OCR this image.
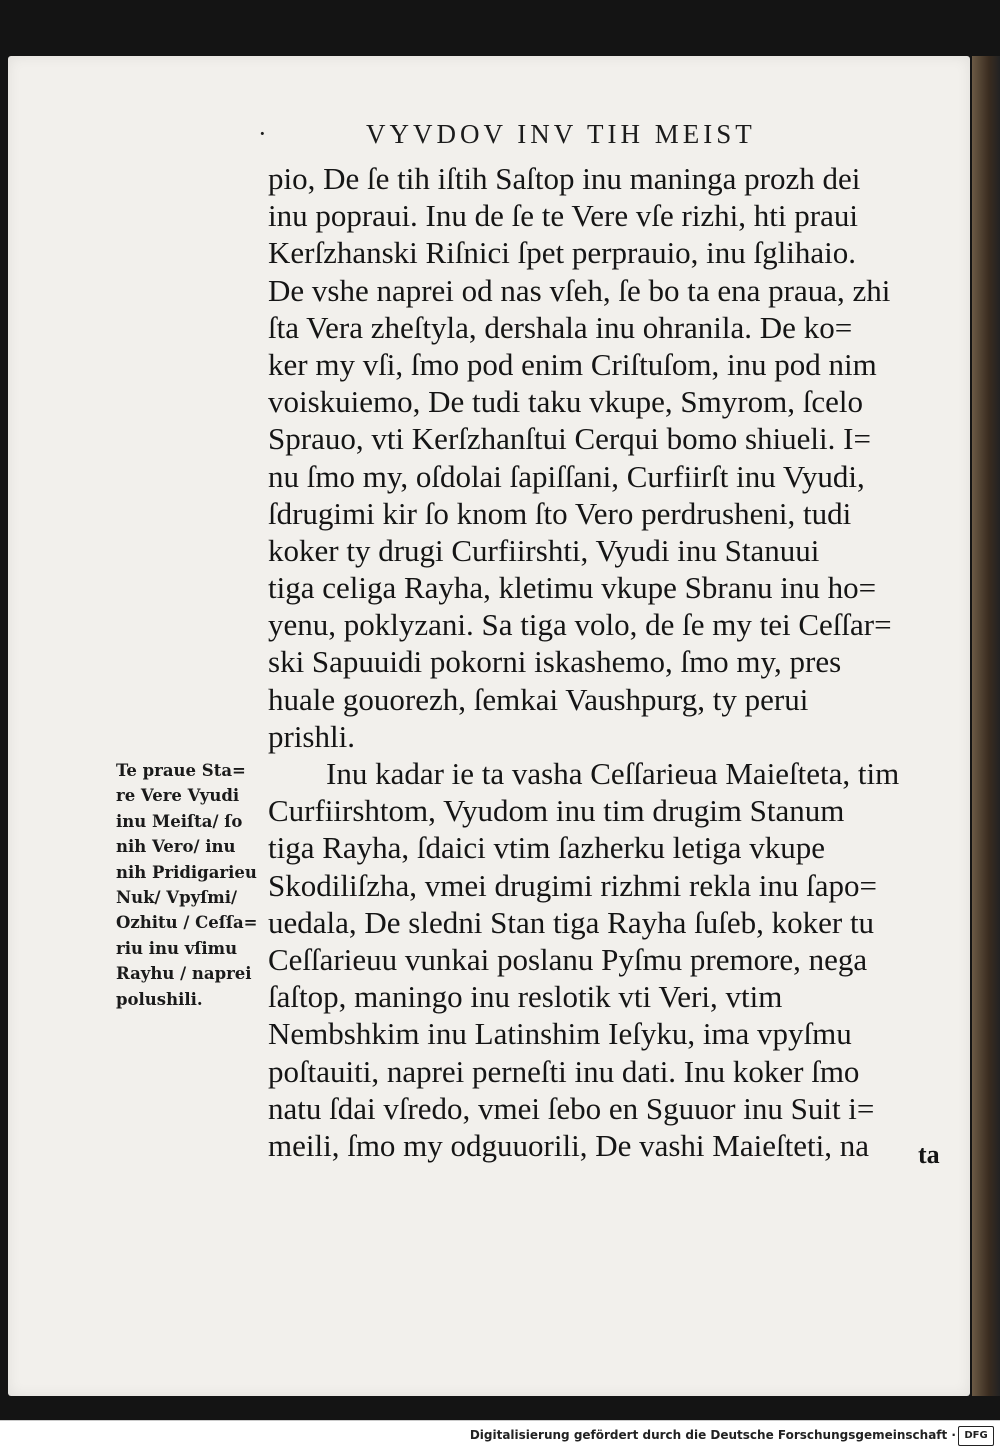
·	VYVDOV INV TIH MEIST
pio, De ſe tih iſtih Saſtop inu maninga prozh dei
inu popraui. Inu de ſe te Vere vſe rizhi, hti praui
Kerſzhanski Riſnici ſpet perprauio, inu ſglihaio.
De vshe naprei od nas vſeh, ſe bo ta ena praua, zhi
ſta Vera zheſtyla, dershala inu ohranila. De ko=
ker my vſi, ſmo pod enim Criſtuſom, inu pod nim
voiskuiemo, De tudi taku vkupe, Smyrom, ſcelo
Sprauo, vti Kerſzhanſtui Cerqui bomo shiueli. I=
nu ſmo my, oſdolai ſapiſſani, Curfiirſt inu Vyudi,
ſdrugimi kir ſo knom ſto Vero perdrusheni, tudi
koker ty drugi Curfiirshti, Vyudi inu Stanuui
tiga celiga Rayha, kletimu vkupe Sbranu inu ho=
yenu, poklyzani. Sa tiga volo, de ſe my tei Ceſſar=
ski Sapuuidi pokorni iskashemo, ſmo my, pres
huale gouorezh, ſemkai Vaushpurg, ty perui
prishli.
Inu kadar ie ta vasha Ceſſarieua Maieſteta, tim
Curfiirshtom, Vyudom inu tim drugim Stanum
tiga Rayha, ſdaici vtim ſazherku letiga vkupe
Skodiliſzha, vmei drugimi rizhmi rekla inu ſapo=
uedala, De sledni Stan tiga Rayha ſuſeb, koker tu
Ceſſarieuu vunkai poslanu Pyſmu premore, nega
ſaſtop, maningo inu reslotik vti Veri, vtim
Nembshkim inu Latinshim Ieſyku, ima vpyſmu
poſtauiti, naprei perneſti inu dati. Inu koker ſmo
natu ſdai vſredo, vmei ſebo en Sguuor inu Suit i=
meili, ſmo my odguuorili, De vashi Maieſteti, na
Te praue Sta=
re Vere Vyudi
inu Meiſta/ ſo
nih Vero/ inu
nih Pridigarieu
Nuk/ Vpyſmi/
Ozhitu / Ceſſa=
riu inu vſimu
Rayhu / naprei
polushili.
ta
Digitalisierung gefördert durch die Deutsche Forschungsgemeinschaft · DFG
